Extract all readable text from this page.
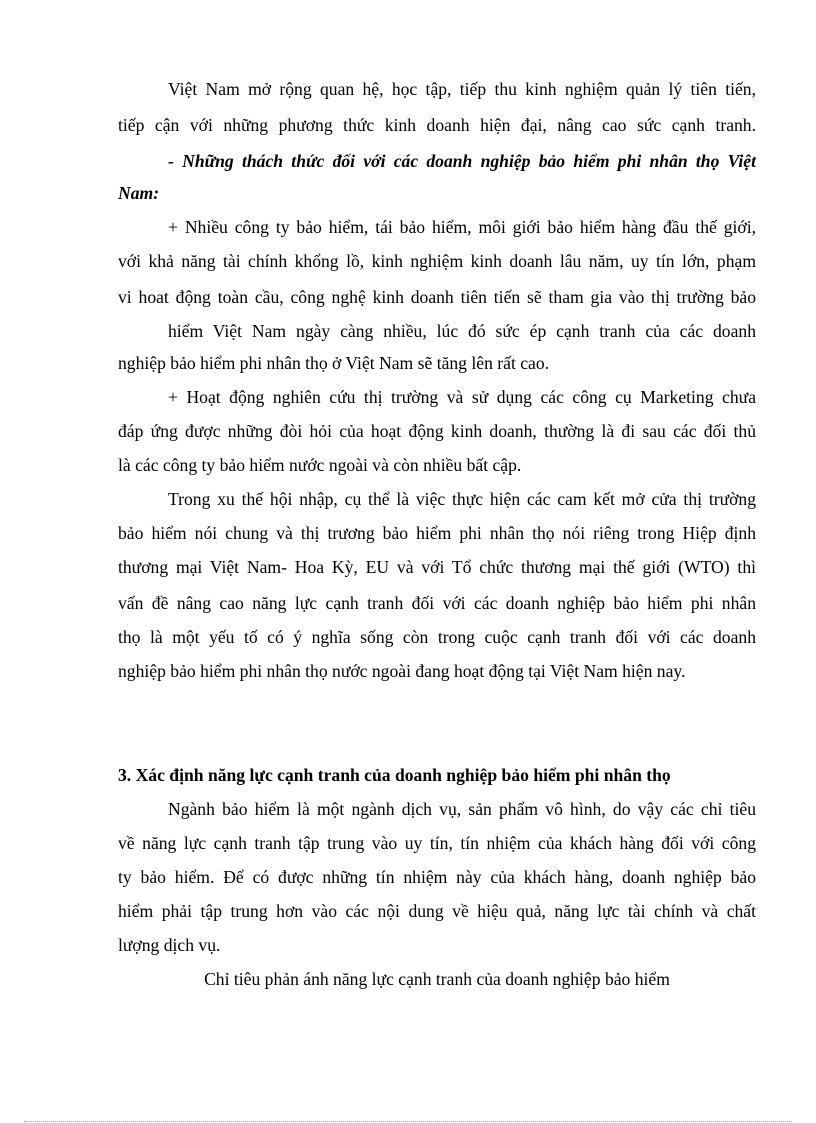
Việt Nam mở rộng quan hệ, học tập, tiếp thu kinh nghiệm quản lý tiên tiến,
tiếp cận với những phương thức kinh doanh hiện đại, nâng cao sức cạnh tranh.
- Những thách thức đối với các doanh nghiệp bảo hiểm phi nhân thọ Việt
Nam:
+ Nhiều công ty bảo hiểm, tái bảo hiểm, môi giới bảo hiểm hàng đầu thế giới,
với khả năng tài chính khổng lồ, kinh nghiệm kinh doanh lâu năm, uy tín lớn, phạm
vi hoat động toàn cầu, công nghệ kinh doanh tiên tiến sẽ tham gia vào thị trường bảo
hiểm Việt Nam ngày càng nhiều, lúc đó sức ép cạnh tranh của các doanh
nghiệp bảo hiểm phi nhân thọ ở Việt Nam sẽ tăng lên rất cao.
+ Hoạt động nghiên cứu thị trường và sử dụng các công cụ Marketing chưa
đáp ứng được những đòi hỏi của hoạt động kinh doanh, thường là đi sau các đối thủ
là các công ty bảo hiểm nước ngoài và còn nhiều bất cập.
Trong xu thế hội nhập, cụ thể là việc thực hiện các cam kết mở cửa thị trường
bảo hiểm nói chung và thị trương bảo hiểm phi nhân thọ nói riêng trong Hiệp định
thương mại Việt Nam- Hoa Kỳ, EU và với Tổ chức thương mại thế giới (WTO) thì
vấn đề nâng cao năng lực cạnh tranh đối với các doanh nghiệp bảo hiểm phi nhân
thọ là một yếu tố có ý nghĩa sống còn trong cuộc cạnh tranh đối với các doanh
nghiệp bảo hiểm phi nhân thọ nước ngoài đang hoạt động tại Việt Nam hiện nay.
3. Xác định năng lực cạnh tranh của doanh nghiệp bảo hiểm phi nhân thọ
Ngành bảo hiểm là một ngành dịch vụ, sản phẩm vô hình, do vậy các chỉ tiêu
về năng lực cạnh tranh tập trung vào uy tín, tín nhiệm của khách hàng đối với công
ty bảo hiểm. Để có được những tín nhiệm này của khách hàng, doanh nghiệp bảo
hiểm phải tập trung hơn vào các nội dung về hiệu quả, năng lực tài chính và chất
lượng dịch vụ.
Chỉ tiêu phản ánh năng lực cạnh tranh của doanh nghiệp bảo hiểm
